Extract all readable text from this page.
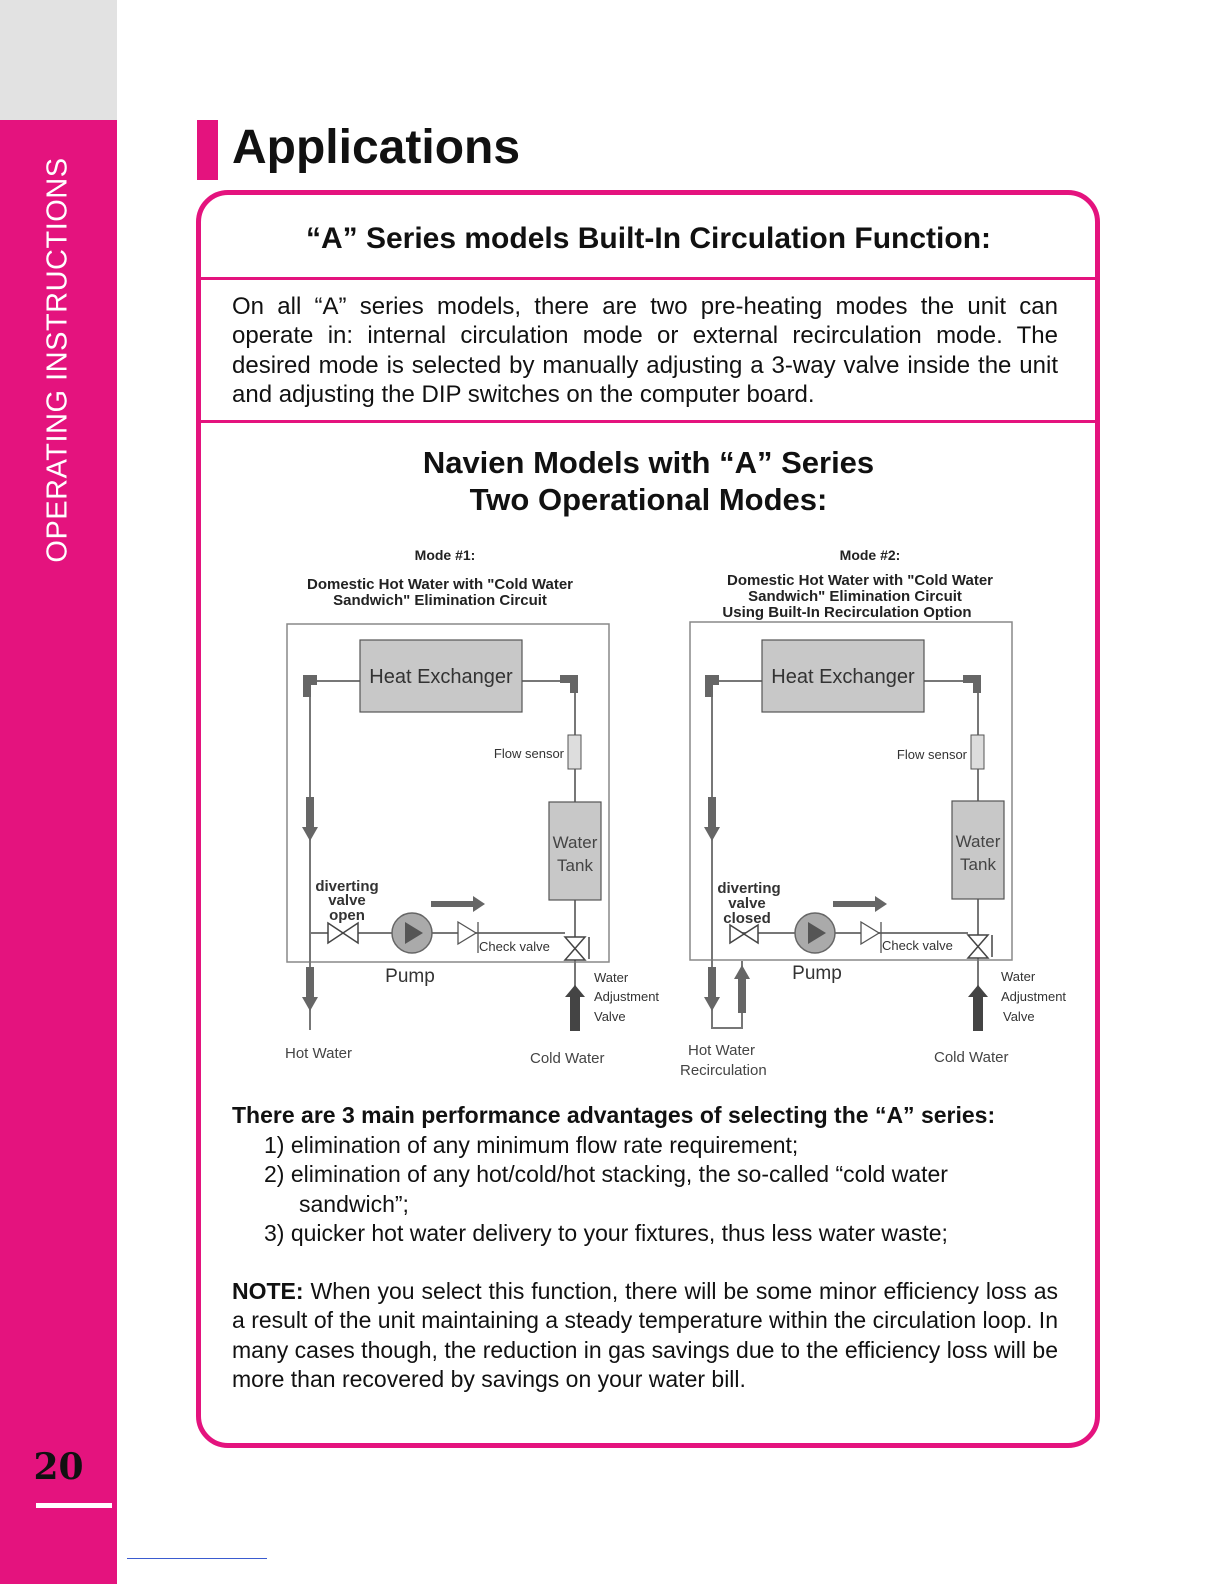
OPERATING INSTRUCTIONS
20
Applications
“A” Series models Built-In Circulation Function:
On all “A” series models, there are two pre-heating modes the unit can operate in: internal circulation mode or external recirculation mode. The desired mode is selected by manually adjusting a 3-way valve inside the unit and adjusting the DIP switches on the computer board.
Navien Models with “A” Series
Two Operational Modes:
Mode #1:
Domestic Hot Water with "Cold Water
Sandwich" Elimination Circuit
Heat Exchanger
Flow sensor
Water
Tank
diverting
valve
open
Pump
Check valve
Water
Adjustment
Valve
Hot Water	Cold Water
Mode #2:
Domestic Hot Water with "Cold Water
Sandwich" Elimination Circuit
Using Built-In Recirculation Option
Heat Exchanger
Flow sensor
Water
Tank
diverting
valve
closed
Pump
Check valve
Water
Adjustment
Valve
Hot Water
Recirculation
Cold Water
There are 3 main performance advantages of selecting the “A” series:
1) elimination of any minimum flow rate requirement;
2) elimination of any hot/cold/hot stacking, the so-called “cold water sandwich”;
3) quicker hot water delivery to your fixtures, thus less water waste;
NOTE: When you select this function, there will be some minor efficiency loss as a result of the unit maintaining a steady temperature within the circulation loop. In many cases though, the reduction in gas savings due to the efficiency loss will be more than recovered by savings on your water bill.
